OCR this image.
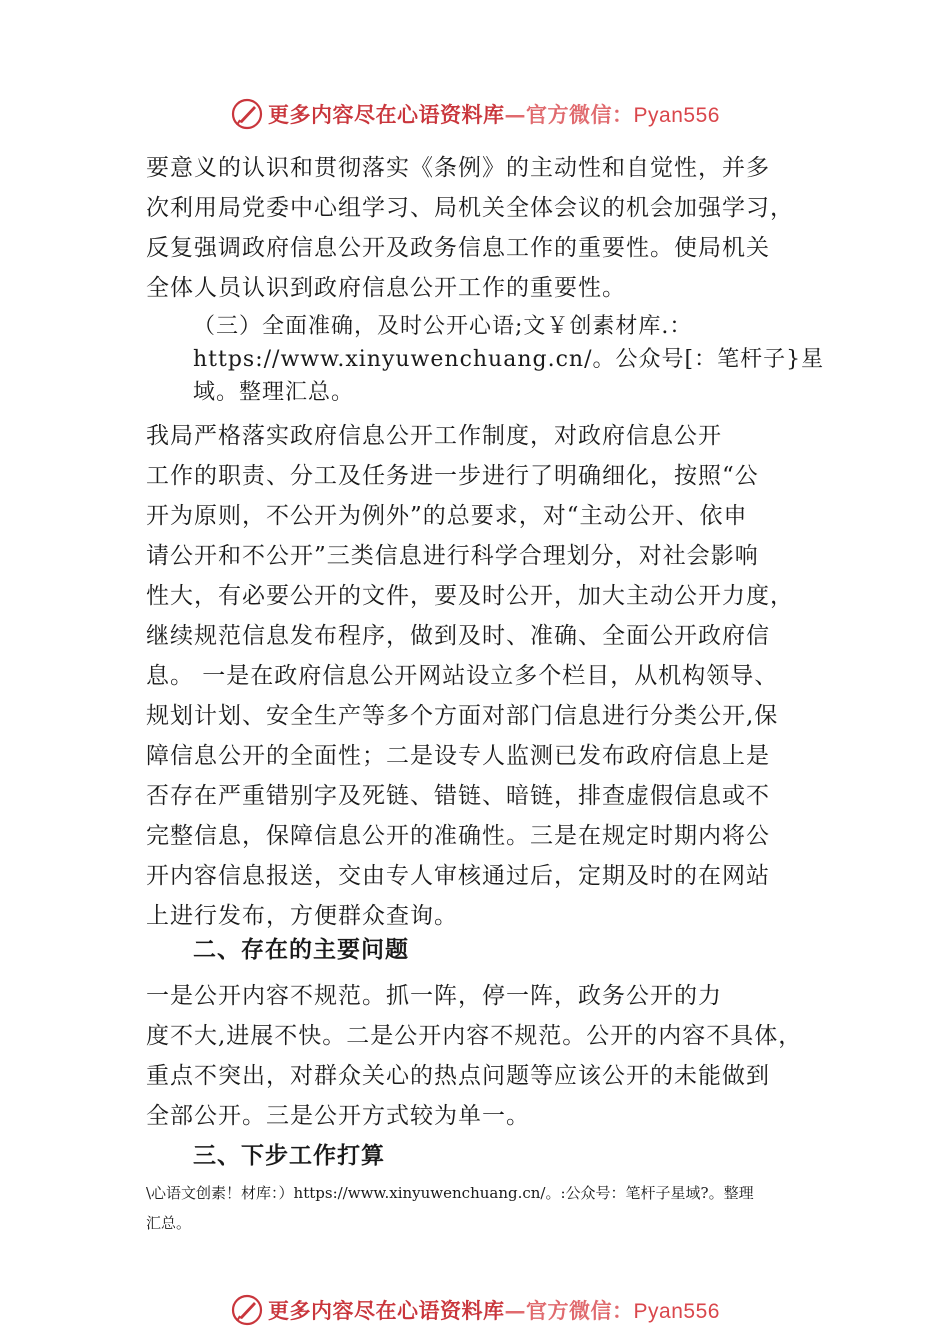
更多内容尽在心语资料库—官方微信：Pyan556
要意义的认识和贯彻落实《条例》的主动性和自觉性，并多
次利用局党委中心组学习、局机关全体会议的机会加强学习，
反复强调政府信息公开及政务信息工作的重要性。使局机关
全体人员认识到政府信息公开工作的重要性。
（三）全面准确，及时公开心语;文￥创素材库.：
https://www.xinyuwenchuang.cn/。公众号[：笔杆子}星
域。整理汇总。
我局严格落实政府信息公开工作制度，对政府信息公开
工作的职责、分工及任务进一步进行了明确细化，按照“公
开为原则，不公开为例外”的总要求，对“主动公开、依申
请公开和不公开”三类信息进行科学合理划分，对社会影响
性大，有必要公开的文件，要及时公开，加大主动公开力度，
继续规范信息发布程序，做到及时、准确、全面公开政府信
息。 一是在政府信息公开网站设立多个栏目，从机构领导、
规划计划、安全生产等多个方面对部门信息进行分类公开,保
障信息公开的全面性；二是设专人监测已发布政府信息上是
否存在严重错别字及死链、错链、暗链，排查虚假信息或不
完整信息，保障信息公开的准确性。三是在规定时期内将公
开内容信息报送，交由专人审核通过后，定期及时的在网站
上进行发布，方便群众查询。
二、存在的主要问题
一是公开内容不规范。抓一阵，停一阵，政务公开的力
度不大,进展不快。二是公开内容不规范。公开的内容不具体，
重点不突出，对群众关心的热点问题等应该公开的未能做到
全部公开。三是公开方式较为单一。
三、下步工作打算
\心语文创素！材库：）https://www.xinyuwenchuang.cn/。:公众号：笔杆子星域?。整理
汇总。
更多内容尽在心语资料库—官方微信：Pyan556
